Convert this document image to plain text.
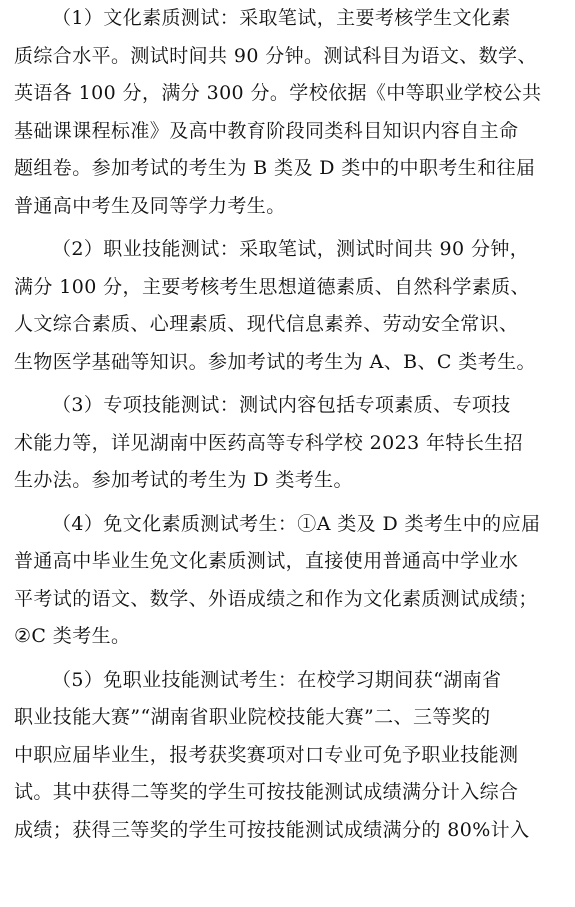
（1）文化素质测试：采取笔试，主要考核学生文化素
质综合水平。测试时间共 90 分钟。测试科目为语文、数学、
英语各 100 分，满分 300 分。学校依据《中等职业学校公共
基础课课程标准》及高中教育阶段同类科目知识内容自主命
题组卷。参加考试的考生为 B 类及 D 类中的中职考生和往届
普通高中考生及同等学力考生。

（2）职业技能测试：采取笔试，测试时间共 90 分钟，
满分 100 分，主要考核考生思想道德素质、自然科学素质、
人文综合素质、心理素质、现代信息素养、劳动安全常识、
生物医学基础等知识。参加考试的考生为 A、B、C 类考生。

（3）专项技能测试：测试内容包括专项素质、专项技
术能力等，详见湖南中医药高等专科学校 2023 年特长生招
生办法。参加考试的考生为 D 类考生。

（4）免文化素质测试考生：①A 类及 D 类考生中的应届
普通高中毕业生免文化素质测试，直接使用普通高中学业水
平考试的语文、数学、外语成绩之和作为文化素质测试成绩；
②C 类考生。

（5）免职业技能测试考生：在校学习期间获“湖南省
职业技能大赛”“湖南省职业院校技能大赛”二、三等奖的
中职应届毕业生，报考获奖赛项对口专业可免予职业技能测
试。其中获得二等奖的学生可按技能测试成绩满分计入综合
成绩；获得三等奖的学生可按技能测试成绩满分的 80%计入
